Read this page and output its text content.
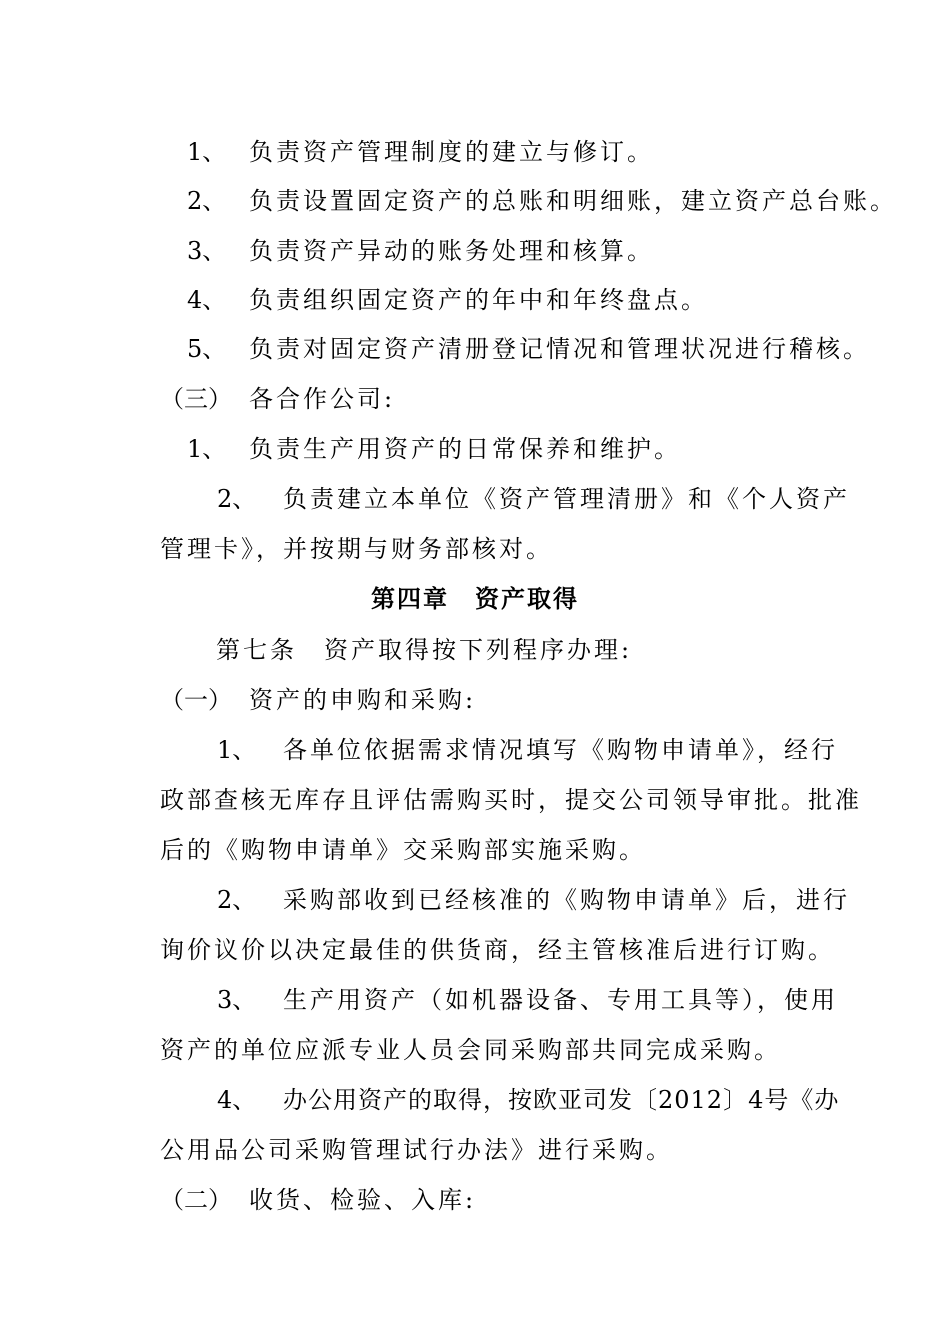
1、 负责资产管理制度的建立与修订。
2、 负责设置固定资产的总账和明细账，建立资产总台账。
3、 负责资产异动的账务处理和核算。
4、 负责组织固定资产的年中和年终盘点。
5、 负责对固定资产清册登记情况和管理状况进行稽核。
（三） 各合作公司:
1、 负责生产用资产的日常保养和维护。
2、 负责建立本单位《资产管理清册》和《个人资产
管理卡》，并按期与财务部核对。
第四章　资产取得
第七条　资产取得按下列程序办理:
（一） 资产的申购和采购:
1、 各单位依据需求情况填写《购物申请单》，经行
政部查核无库存且评估需购买时，提交公司领导审批。批准
后的《购物申请单》交采购部实施采购。
2、 采购部收到已经核准的《购物申请单》后，进行
询价议价以决定最佳的供货商，经主管核准后进行订购。
3、 生产用资产（如机器设备、专用工具等），使用
资产的单位应派专业人员会同采购部共同完成采购。
4、 办公用资产的取得，按欧亚司发〔2012〕4号《办
公用品公司采购管理试行办法》进行采购。
（二） 收货、检验、入库:
